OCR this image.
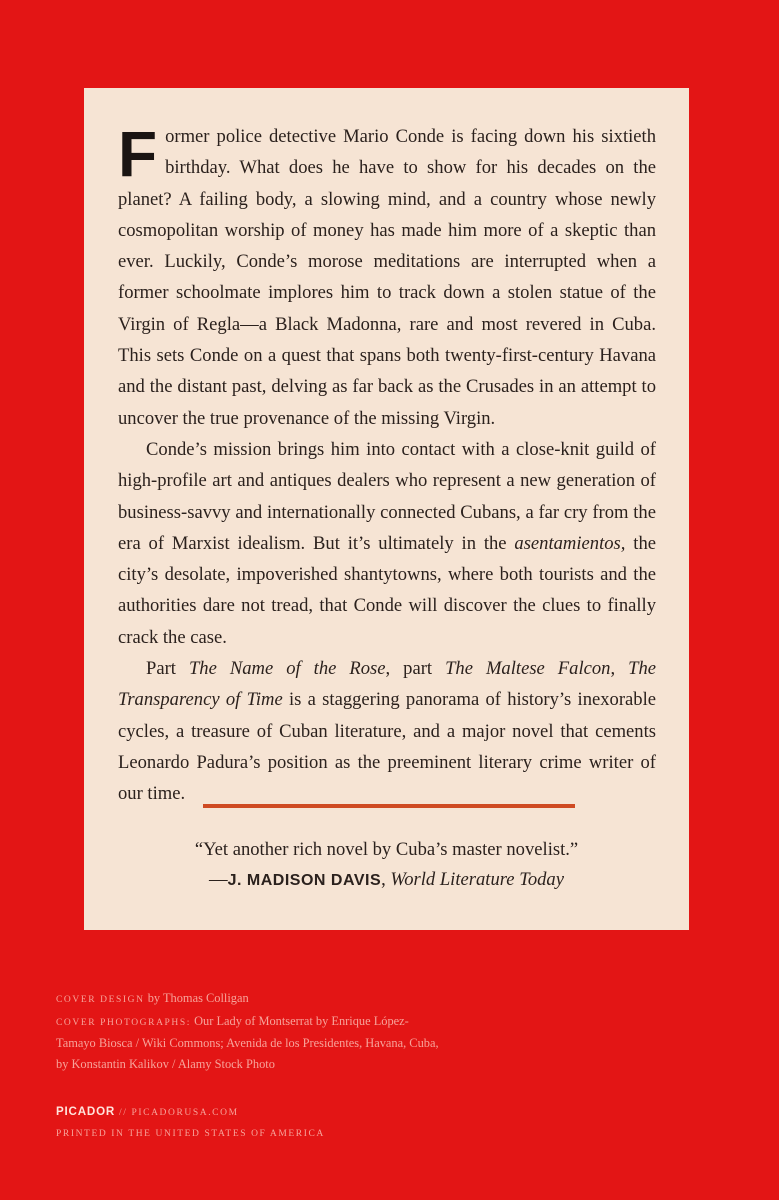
Former police detective Mario Conde is facing down his sixtieth birthday. What does he have to show for his decades on the planet? A failing body, a slowing mind, and a country whose newly cosmopolitan worship of money has made him more of a skeptic than ever. Luckily, Conde’s morose meditations are interrupted when a former schoolmate implores him to track down a stolen statue of the Virgin of Regla—a Black Madonna, rare and most revered in Cuba. This sets Conde on a quest that spans both twenty-first-century Havana and the distant past, delving as far back as the Crusades in an attempt to uncover the true provenance of the missing Virgin.

Conde’s mission brings him into contact with a close-knit guild of high-profile art and antiques dealers who represent a new generation of business-savvy and internationally connected Cubans, a far cry from the era of Marxist idealism. But it’s ultimately in the asentamientos, the city’s desolate, impoverished shantytowns, where both tourists and the authorities dare not tread, that Conde will discover the clues to finally crack the case.

Part The Name of the Rose, part The Maltese Falcon, The Transparency of Time is a staggering panorama of history’s inexorable cycles, a treasure of Cuban literature, and a major novel that cements Leonardo Padura’s position as the preeminent literary crime writer of our time.

“Yet another rich novel by Cuba’s master novelist.”
—J. MADISON DAVIS, World Literature Today
COVER DESIGN by Thomas Colligan
COVER PHOTOGRAPHS: Our Lady of Montserrat by Enrique López-Tamayo Biosca / Wiki Commons; Avenida de los Presidentes, Havana, Cuba, by Konstantin Kalikov / Alamy Stock Photo
PICADOR // PICADORUSA.COM
PRINTED IN THE UNITED STATES OF AMERICA
